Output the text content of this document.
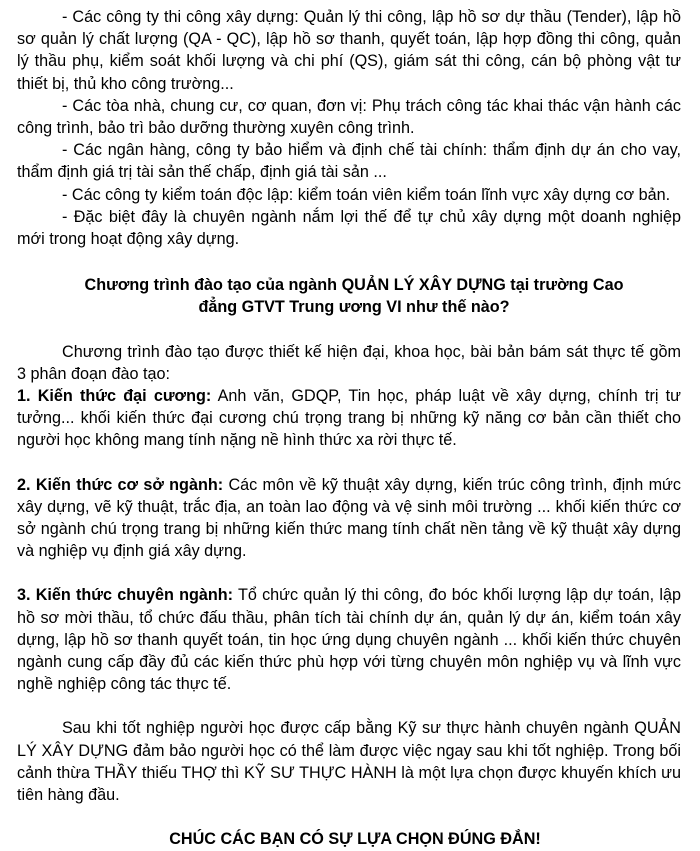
- Các công ty thi công xây dựng: Quản lý thi công, lập hồ sơ dự thầu (Tender), lập hồ sơ quản lý chất lượng (QA - QC), lập hồ sơ thanh, quyết toán, lập hợp đồng thi công, quản lý thầu phụ, kiểm soát khối lượng và chi phí (QS), giám sát thi công, cán bộ phòng vật tư thiết bị, thủ kho công trường...

- Các tòa nhà, chung cư, cơ quan, đơn vị: Phụ trách công tác khai thác vận hành các công trình, bảo trì bảo dưỡng thường xuyên công trình.

- Các ngân hàng, công ty bảo hiểm và định chế tài chính: thẩm định dự án cho vay, thẩm định giá trị tài sản thế chấp, định giá tài sản ...

- Các công ty kiểm toán độc lập: kiểm toán viên kiểm toán lĩnh vực xây dựng cơ bản.

- Đặc biệt đây là chuyên ngành nắm lợi thế để tự chủ xây dựng một doanh nghiệp mới trong hoạt động xây dựng.

Chương trình đào tạo của ngành QUẢN LÝ XÂY DỰNG tại trường Cao đẳng GTVT Trung ương VI như thế nào?

Chương trình đào tạo được thiết kế hiện đại, khoa học, bài bản bám sát thực tế gồm 3 phân đoạn đào tạo:

1. Kiến thức đại cương: Anh văn, GDQP, Tin học, pháp luật về xây dựng, chính trị tư tưởng... khối kiến thức đại cương chú trọng trang bị những kỹ năng cơ bản cần thiết cho người học không mang tính nặng nề hình thức xa rời thực tế.

2. Kiến thức cơ sở ngành: Các môn về kỹ thuật xây dựng, kiến trúc công trình, định mức xây dựng, vẽ kỹ thuật, trắc địa, an toàn lao động và vệ sinh môi trường ... khối kiến thức cơ sở ngành chú trọng trang bị những kiến thức mang tính chất nền tảng về kỹ thuật xây dựng và nghiệp vụ định giá xây dựng.

3. Kiến thức chuyên ngành: Tổ chức quản lý thi công, đo bóc khối lượng lập dự toán, lập hồ sơ mời thầu, tổ chức đấu thầu, phân tích tài chính dự án, quản lý dự án, kiểm toán xây dựng, lập hồ sơ thanh quyết toán, tin học ứng dụng chuyên ngành ... khối kiến thức chuyên ngành cung cấp đầy đủ các kiến thức phù hợp với từng chuyên môn nghiệp vụ và lĩnh vực nghề nghiệp công tác thực tế.

Sau khi tốt nghiệp người học được cấp bằng Kỹ sư thực hành chuyên ngành QUẢN LÝ XÂY DỰNG đảm bảo người học có thể làm được việc ngay sau khi tốt nghiệp. Trong bối cảnh thừa THẦY thiếu THỢ thì KỸ SƯ THỰC HÀNH là một lựa chọn được khuyến khích ưu tiên hàng đầu.

CHÚC CÁC BẠN CÓ SỰ LỰA CHỌN ĐÚNG ĐẮN!
